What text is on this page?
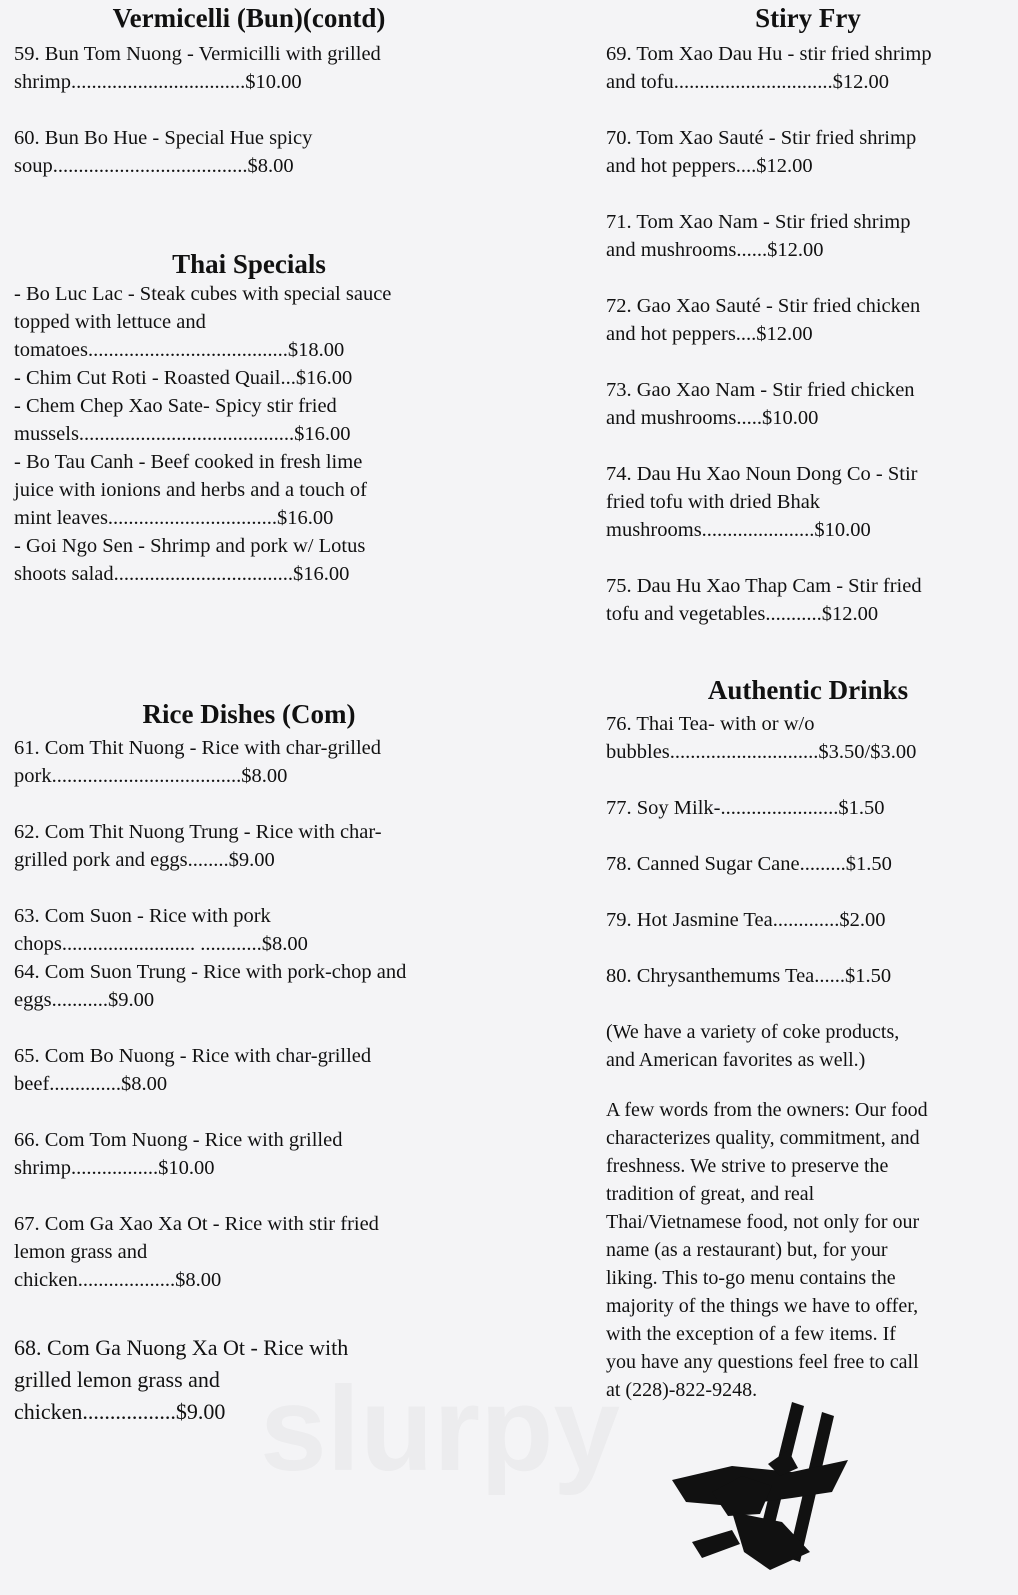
slurpy
Vermicelli (Bun)(contd)
59. Bun Tom Nuong - Vermicilli with grilled
shrimp..................................$10.00
60. Bun Bo Hue - Special Hue spicy
soup......................................$8.00
Thai Specials
- Bo Luc Lac - Steak cubes with special sauce
topped with lettuce and
tomatoes.......................................$18.00
- Chim Cut Roti - Roasted Quail...$16.00
- Chem Chep Xao Sate- Spicy stir fried
mussels..........................................$16.00
- Bo Tau Canh - Beef cooked in fresh lime
juice with ionions and herbs and a touch of
mint leaves.................................$16.00
- Goi Ngo Sen - Shrimp and pork w/ Lotus
shoots salad...................................$16.00
Rice Dishes (Com)
61. Com Thit Nuong - Rice with char-grilled
pork.....................................$8.00
62. Com Thit Nuong Trung - Rice with char-
grilled pork and eggs........$9.00
63. Com Suon - Rice with pork
chops.......................... ............$8.00
64. Com Suon Trung - Rice with pork-chop and
eggs...........$9.00
65. Com Bo Nuong - Rice with char-grilled
beef..............$8.00
66. Com Tom Nuong - Rice with grilled
shrimp.................$10.00
67. Com Ga Xao Xa Ot - Rice with stir fried
lemon grass and
chicken...................$8.00
68. Com Ga Nuong Xa Ot - Rice with
grilled lemon grass and
chicken.................$9.00
Stiry Fry
69. Tom Xao Dau Hu - stir fried shrimp
and tofu...............................$12.00
70. Tom Xao Sauté - Stir fried shrimp
and hot peppers....$12.00
71. Tom Xao Nam - Stir fried shrimp
and mushrooms......$12.00
72. Gao Xao Sauté - Stir fried chicken
and hot peppers....$12.00
73. Gao Xao Nam - Stir fried chicken
and mushrooms.....$10.00
74. Dau Hu Xao Noun Dong Co - Stir
fried tofu with dried Bhak
mushrooms......................$10.00
75. Dau Hu Xao Thap Cam - Stir fried
tofu and vegetables...........$12.00
Authentic Drinks
76. Thai Tea- with or w/o
bubbles.............................$3.50/$3.00
77. Soy Milk-.......................$1.50
78. Canned Sugar Cane.........$1.50
79. Hot Jasmine Tea.............$2.00
80. Chrysanthemums Tea......$1.50
(We have a variety of coke products,
and American favorites as well.)
A few words from the owners: Our food
characterizes quality, commitment, and
freshness. We strive to preserve the
tradition of great, and real
Thai/Vietnamese food, not only for our
name (as a restaurant) but, for your
liking. This to-go menu contains the
majority of the things we have to offer,
with the exception of a few items. If
you have any questions feel free to call
at (228)-822-9248.
